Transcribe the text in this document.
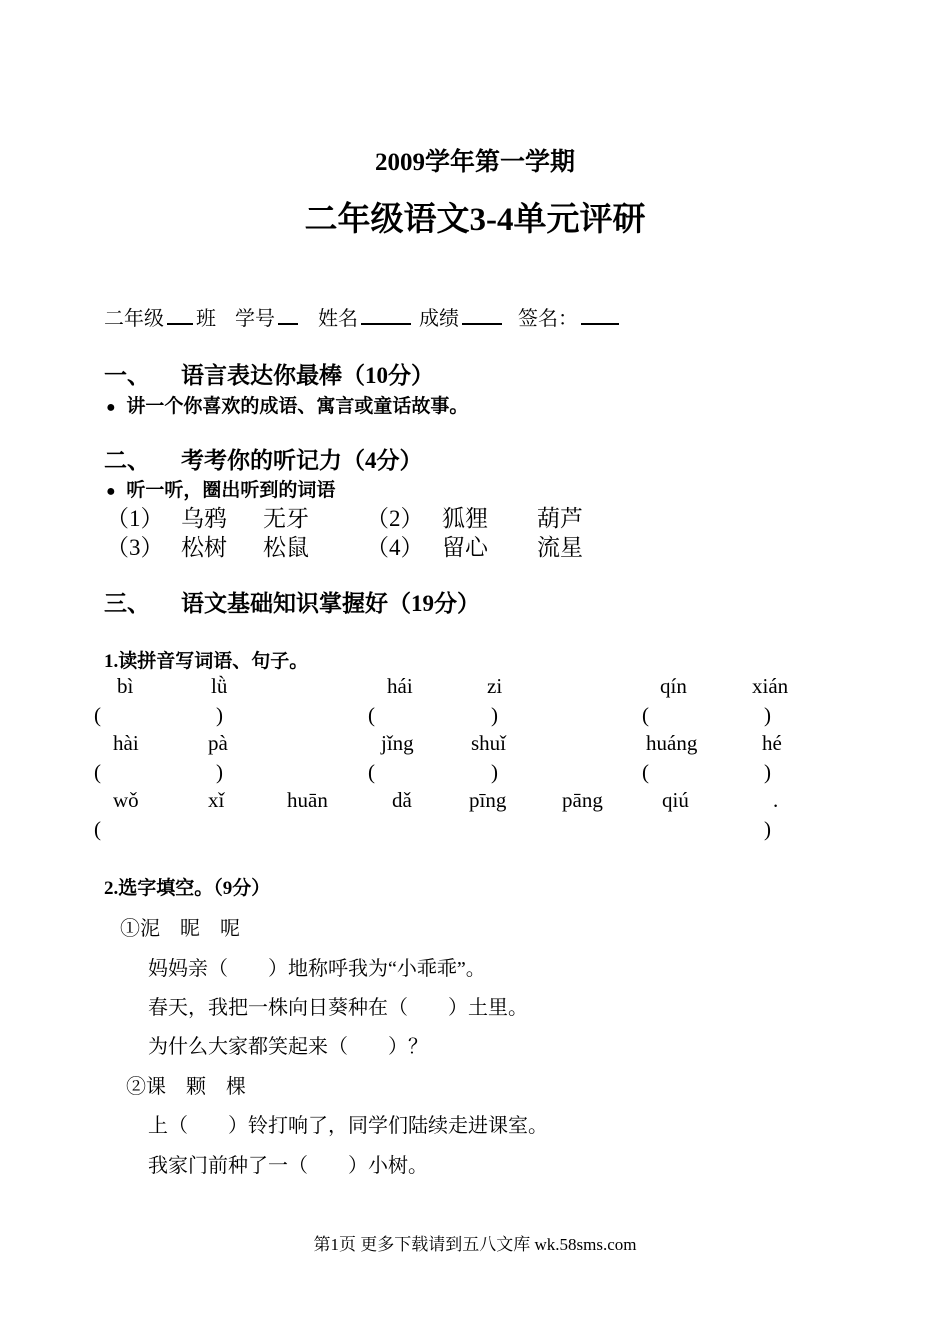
2009学年第一学期
二年级语文3-4单元评研
二年级 班 学号 姓名	成绩	签名：
一、 语言表达你最棒（10分）
● 讲一个你喜欢的成语、寓言或童话故事。
二、 考考你的听记力（4分）
● 听一听，圈出听到的词语
（1） 乌鸦 无牙 （2） 狐狸 葫芦
（3） 松树 松鼠 （4） 留心 流星
三、 语文基础知识掌握好（19分）
1.读拼音写词语、句子。
bì	lǜ	hái	zi	qín	xián
(	)	(	)	(	)
hài	pà	jǐng	shuǐ	huáng	hé
(	)	(	)	(	)
wǒ	xǐ	huān	dǎ	pīng	pāng	qiú	.
(	)
2.选字填空。（9分）
①泥　昵　呢
妈妈亲（　　）地称呼我为“小乖乖”。
春天，我把一株向日葵种在（　　）土里。
为什么大家都笑起来（　　）？
②课　颗　棵
上（　　）铃打响了，同学们陆续走进课室。
我家门前种了一（　　）小树。
第1页 更多下载请到五八文库 wk.58sms.com
